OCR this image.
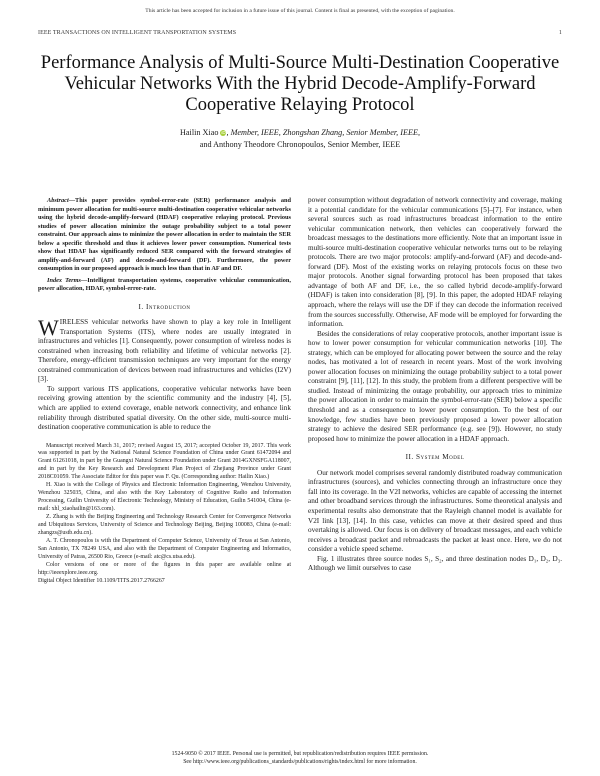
This article has been accepted for inclusion in a future issue of this journal. Content is final as presented, with the exception of pagination.
IEEE TRANSACTIONS ON INTELLIGENT TRANSPORTATION SYSTEMS	1
Performance Analysis of Multi-Source Multi-Destination Cooperative Vehicular Networks With the Hybrid Decode-Amplify-Forward Cooperative Relaying Protocol
Hailin Xiao iD, Member, IEEE, Zhongshan Zhang, Senior Member, IEEE,
and Anthony Theodore Chronopoulos, Senior Member, IEEE

Abstract—This paper provides symbol-error-rate (SER) performance analysis and minimum power allocation for multi-source multi-destination cooperative vehicular networks using the hybrid decode-amplify-forward (HDAF) cooperative relaying protocol. Previous studies of power allocation minimize the outage probability subject to a total power constraint. Our approach aims to minimize the power allocation in order to maintain the SER below a specific threshold and thus it achieves lower power consumption. Numerical tests show that HDAF has significantly reduced SER compared with the forward strategies of amplify-and-forward (AF) and decode-and-forward (DF). Furthermore, the power consumption in our proposed approach is much less than that in AF and DF.

Index Terms—Intelligent transportation systems, cooperative vehicular communication, power allocation, HDAF, symbol-error-rate.

I. Introduction

WIRELESS vehicular networks have shown to play a key role in Intelligent Transportation Systems (ITS), where nodes are usually integrated in infrastructures and vehicles [1]. Consequently, power consumption of wireless nodes is constrained when increasing both reliability and lifetime of vehicular networks [2]. Therefore, energy-efficient transmission techniques are very important for the energy constrained communication of devices between road infrastructures and vehicles (I2V) [3].

To support various ITS applications, cooperative vehicular networks have been receiving growing attention by the scientific community and the industry [4], [5], which are applied to extend coverage, enable network connectivity, and enhance link reliability through distributed spatial diversity. On the other side, multi-source multi-destination cooperative communication is able to reduce the

Manuscript received March 31, 2017; revised August 15, 2017; accepted October 19, 2017. This work was supported in part by the National Natural Science Foundation of China under Grant 61472094 and Grant 61261018, in part by the Guangxi Natural Science Foundation under Grant 2014GXNSFGA118007, and in part by the Key Research and Development Plan Project of Zhejiang Province under Grant 2018C01059. The Associate Editor for this paper was F. Qu. (Corresponding author: Hailin Xiao.)

H. Xiao is with the College of Physics and Electronic Information Engineering, Wenzhou University, Wenzhou 325035, China, and also with the Key Laboratory of Cognitive Radio and Information Processing, Guilin University of Electronic Technology, Ministry of Education, Guilin 541004, China (e-mail: xhl_xiaohailin@163.com).

Z. Zhang is with the Beijing Engineering and Technology Research Center for Convergence Networks and Ubiquitous Services, University of Science and Technology Beijing, Beijing 100083, China (e-mail: zhangzs@ustb.edu.cn).

A. T. Chronopoulos is with the Department of Computer Science, University of Texas at San Antonio, San Antonio, TX 78249 USA, and also with the Department of Computer Engineering and Informatics, University of Patras, 26500 Rio, Greece (e-mail: atc@cs.utsa.edu).

Color versions of one or more of the figures in this paper are available online at http://ieeexplore.ieee.org.

Digital Object Identifier 10.1109/TITS.2017.2766267

power consumption without degradation of network connectivity and coverage, making it a potential candidate for the vehicular communications [5]–[7]. For instance, when several sources such as road infrastructures broadcast information to the entire vehicular communication network, then vehicles can cooperatively forward the broadcast messages to the destinations more efficiently. Note that an important issue in multi-source multi-destination cooperative vehicular networks turns out to be relaying protocols. There are two major protocols: amplify-and-forward (AF) and decode-and-forward (DF). Most of the existing works on relaying protocols focus on these two major protocols. Another signal forwarding protocol has been proposed that takes advantage of both AF and DF, i.e., the so called hybrid decode-amplify-forward (HDAF) is taken into consideration [8], [9]. In this paper, the adopted HDAF relaying approach, where the relays will use the DF if they can decode the information received from the sources successfully. Otherwise, AF mode will be employed for forwarding the information.

Besides the considerations of relay cooperative protocols, another important issue is how to lower power consumption for vehicular communication networks [10]. The strategy, which can be employed for allocating power between the source and the relay nodes, has motivated a lot of research in recent years. Most of the work involving power allocation focuses on minimizing the outage probability subject to a total power constraint [9], [11], [12]. In this study, the problem from a different perspective will be studied. Instead of minimizing the outage probability, our approach tries to minimize the power allocation in order to maintain the symbol-error-rate (SER) below a specific threshold and as a consequence to lower power consumption. To the best of our knowledge, few studies have been previously proposed a lower power allocation strategy to achieve the desired SER performance (e.g. see [9]). However, no study proposed how to minimize the power allocation in a HDAF approach.

II. System Model

Our network model comprises several randomly distributed roadway communication infrastructures (sources), and vehicles connecting through an infrastructure once they fall into its coverage. In the V2I networks, vehicles are capable of accessing the internet and other broadband services through the infrastructures. Some theoretical analysis and experimental results also demonstrate that the Rayleigh channel model is available for V2I link [13], [14]. In this case, vehicles can move at their desired speed and thus overtaking is allowed. Our focus is on delivery of broadcast messages, and each vehicle receives a broadcast packet and rebroadcasts the packet at least once. Here, we do not consider a vehicle speed scheme.

Fig. 1 illustrates three source nodes S₁, S₂, and three destination nodes D₁, D₂, D₃. Although we limit ourselves to case

1524-9050 © 2017 IEEE. Personal use is permitted, but republication/redistribution requires IEEE permission.
See http://www.ieee.org/publications_standards/publications/rights/index.html for more information.
